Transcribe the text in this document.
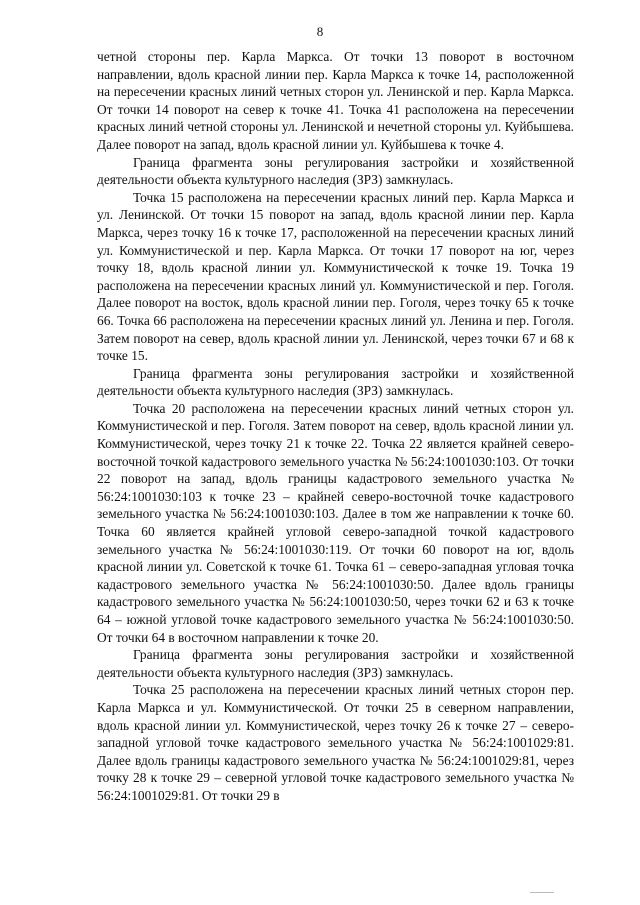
8

четной стороны пер. Карла Маркса. От точки 13 поворот в восточном направлении, вдоль красной линии пер. Карла Маркса к точке 14, расположенной на пересечении красных линий четных сторон ул. Ленинской и пер. Карла Маркса. От точки 14 поворот на север к точке 41. Точка 41 расположена на пересечении красных линий четной стороны ул. Ленинской и нечетной стороны ул. Куйбышева. Далее поворот на запад, вдоль красной линии ул. Куйбышева к точке 4.

Граница фрагмента зоны регулирования застройки и хозяйственной деятельности объекта культурного наследия (ЗРЗ) замкнулась.

Точка 15 расположена на пересечении красных линий пер. Карла Маркса и ул. Ленинской. От точки 15 поворот на запад, вдоль красной линии пер. Карла Маркса, через точку 16 к точке 17, расположенной на пересечении красных линий ул. Коммунистической и пер. Карла Маркса. От точки 17 поворот на юг, через точку 18, вдоль красной линии ул. Коммунистической к точке 19. Точка 19 расположена на пересечении красных линий ул. Коммунистической и пер. Гоголя. Далее поворот на восток, вдоль красной линии пер. Гоголя, через точку 65 к точке 66. Точка 66 расположена на пересечении красных линий ул. Ленина и пер. Гоголя. Затем поворот на север, вдоль красной линии ул. Ленинской, через точки 67 и 68 к точке 15.

Граница фрагмента зоны регулирования застройки и хозяйственной деятельности объекта культурного наследия (ЗРЗ) замкнулась.

Точка 20 расположена на пересечении красных линий четных сторон ул. Коммунистической и пер. Гоголя. Затем поворот на север, вдоль красной линии ул. Коммунистической, через точку 21 к точке 22. Точка 22 является крайней северо-восточной точкой кадастрового земельного участка № 56:24:1001030:103. От точки 22 поворот на запад, вдоль границы кадастрового земельного участка № 56:24:1001030:103 к точке 23 – крайней северо-восточной точке кадастрового земельного участка № 56:24:1001030:103. Далее в том же направлении к точке 60. Точка 60 является крайней угловой северо-западной точкой кадастрового земельного участка № 56:24:1001030:119. От точки 60 поворот на юг, вдоль красной линии ул. Советской к точке 61. Точка 61 – северо-западная угловая точка кадастрового земельного участка № 56:24:1001030:50. Далее вдоль границы кадастрового земельного участка № 56:24:1001030:50, через точки 62 и 63 к точке 64 – южной угловой точке кадастрового земельного участка № 56:24:1001030:50. От точки 64 в восточном направлении к точке 20.

Граница фрагмента зоны регулирования застройки и хозяйственной деятельности объекта культурного наследия (ЗРЗ) замкнулась.

Точка 25 расположена на пересечении красных линий четных сторон пер. Карла Маркса и ул. Коммунистической. От точки 25 в северном направлении, вдоль красной линии ул. Коммунистической, через точку 26 к точке 27 – северо-западной угловой точке кадастрового земельного участка № 56:24:1001029:81. Далее вдоль границы кадастрового земельного участка № 56:24:1001029:81, через точку 28 к точке 29 – северной угловой точке кадастрового земельного участка № 56:24:1001029:81. От точки 29 в
